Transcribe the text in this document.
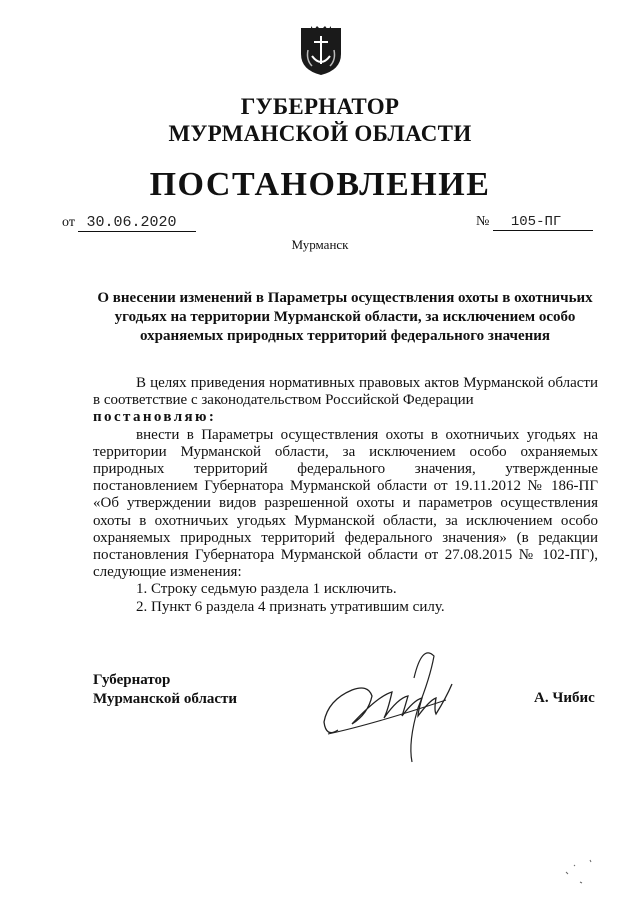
ГУБЕРНАТОР
МУРМАНСКОЙ ОБЛАСТИ
ПОСТАНОВЛЕНИЕ
от 30.06.2020	№ 105-ПГ
Мурманск
О внесении изменений в Параметры осуществления охоты в охотничьих
угодьях на территории Мурманской области, за исключением особо
охраняемых природных территорий федерального значения

В целях приведения нормативных правовых актов Мурманской области в соответствие с законодательством Российской Федерации

постановляю:

внести в Параметры осуществления охоты в охотничьих угодьях на территории Мурманской области, за исключением особо охраняемых природных территорий федерального значения, утвержденные постановлением Губернатора Мурманской области от 19.11.2012 № 186-ПГ «Об утверждении видов разрешенной охоты и параметров осуществления охоты в охотничьих угодьях Мурманской области, за исключением особо охраняемых природных территорий федерального значения» (в редакции постановления Губернатора Мурманской области от 27.08.2015 № 102-ПГ), следующие изменения:

1. Строку седьмую раздела 1 исключить.

2. Пункт 6 раздела 4 признать утратившим силу.

Губернатор
Мурманской области	А. Чибис
